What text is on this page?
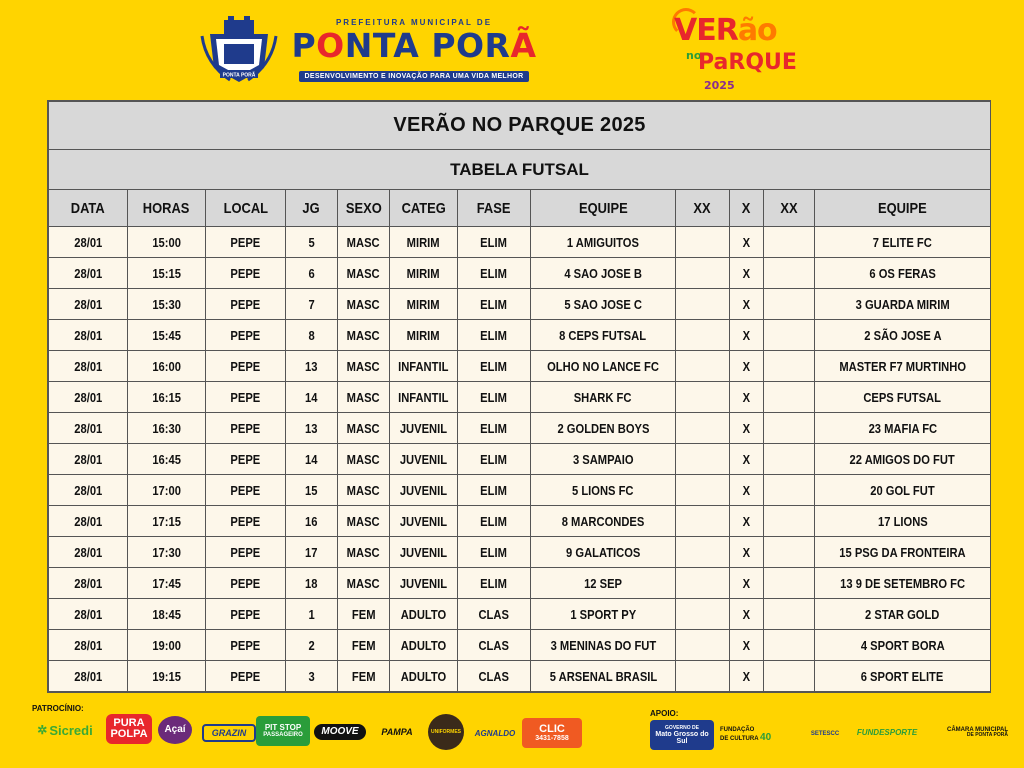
PONTA PORÃ
PREFEITURA MUNICIPAL DE
PONTA PORÃ
DESENVOLVIMENTO E INOVAÇÃO PARA UMA VIDA MELHOR
VERão
no
PaRQUE
2025
VERÃO NO PARQUE 2025											
TABELA FUTSAL											
DATA	HORAS	LOCAL	JG	SEXO	CATEG	FASE	EQUIPE	XX	X	XX	EQUIPE
28/01	15:00	PEPE	5	MASC	MIRIM	ELIM	1 AMIGUITOS		X		7 ELITE FC
28/01	15:15	PEPE	6	MASC	MIRIM	ELIM	4 SAO JOSE B		X		6 OS FERAS
28/01	15:30	PEPE	7	MASC	MIRIM	ELIM	5 SAO JOSE C		X		3 GUARDA MIRIM
28/01	15:45	PEPE	8	MASC	MIRIM	ELIM	8 CEPS FUTSAL		X		2 SÃO JOSE A
28/01	16:00	PEPE	13	MASC	INFANTIL	ELIM	OLHO NO LANCE FC		X		MASTER F7 MURTINHO
28/01	16:15	PEPE	14	MASC	INFANTIL	ELIM	SHARK FC		X		CEPS FUTSAL
28/01	16:30	PEPE	13	MASC	JUVENIL	ELIM	2 GOLDEN BOYS		X		23 MAFIA FC
28/01	16:45	PEPE	14	MASC	JUVENIL	ELIM	3 SAMPAIO		X		22 AMIGOS DO FUT
28/01	17:00	PEPE	15	MASC	JUVENIL	ELIM	5 LIONS FC		X		20 GOL FUT
28/01	17:15	PEPE	16	MASC	JUVENIL	ELIM	8 MARCONDES		X		17 LIONS
28/01	17:30	PEPE	17	MASC	JUVENIL	ELIM	9 GALATICOS		X		15 PSG DA FRONTEIRA
28/01	17:45	PEPE	18	MASC	JUVENIL	ELIM	12 SEP		X		13 9 DE SETEMBRO FC
28/01	18:45	PEPE	1	FEM	ADULTO	CLAS	1 SPORT PY		X		2 STAR GOLD
28/01	19:00	PEPE	2	FEM	ADULTO	CLAS	3 MENINAS DO FUT		X		4 SPORT BORA
28/01	19:15	PEPE	3	FEM	ADULTO	CLAS	5 ARSENAL BRASIL		X		6 SPORT ELITE
PATROCÍNIO:
APOIO:
✲ Sicredi PURA
POLPA	Açaí	GRAZIN	PIT STOP
PASSAGEIRO	MOOVE	PAMPA	UNIFORMES	AGNALDO CLIC
3431-7858
GOVERNO DE
Mato Grosso do Sul
FUNDAÇÃO
DE CULTURA 40	SETESCC	FUNDESPORTE	CÂMARA MUNICIPAL
DE PONTA PORÃ
